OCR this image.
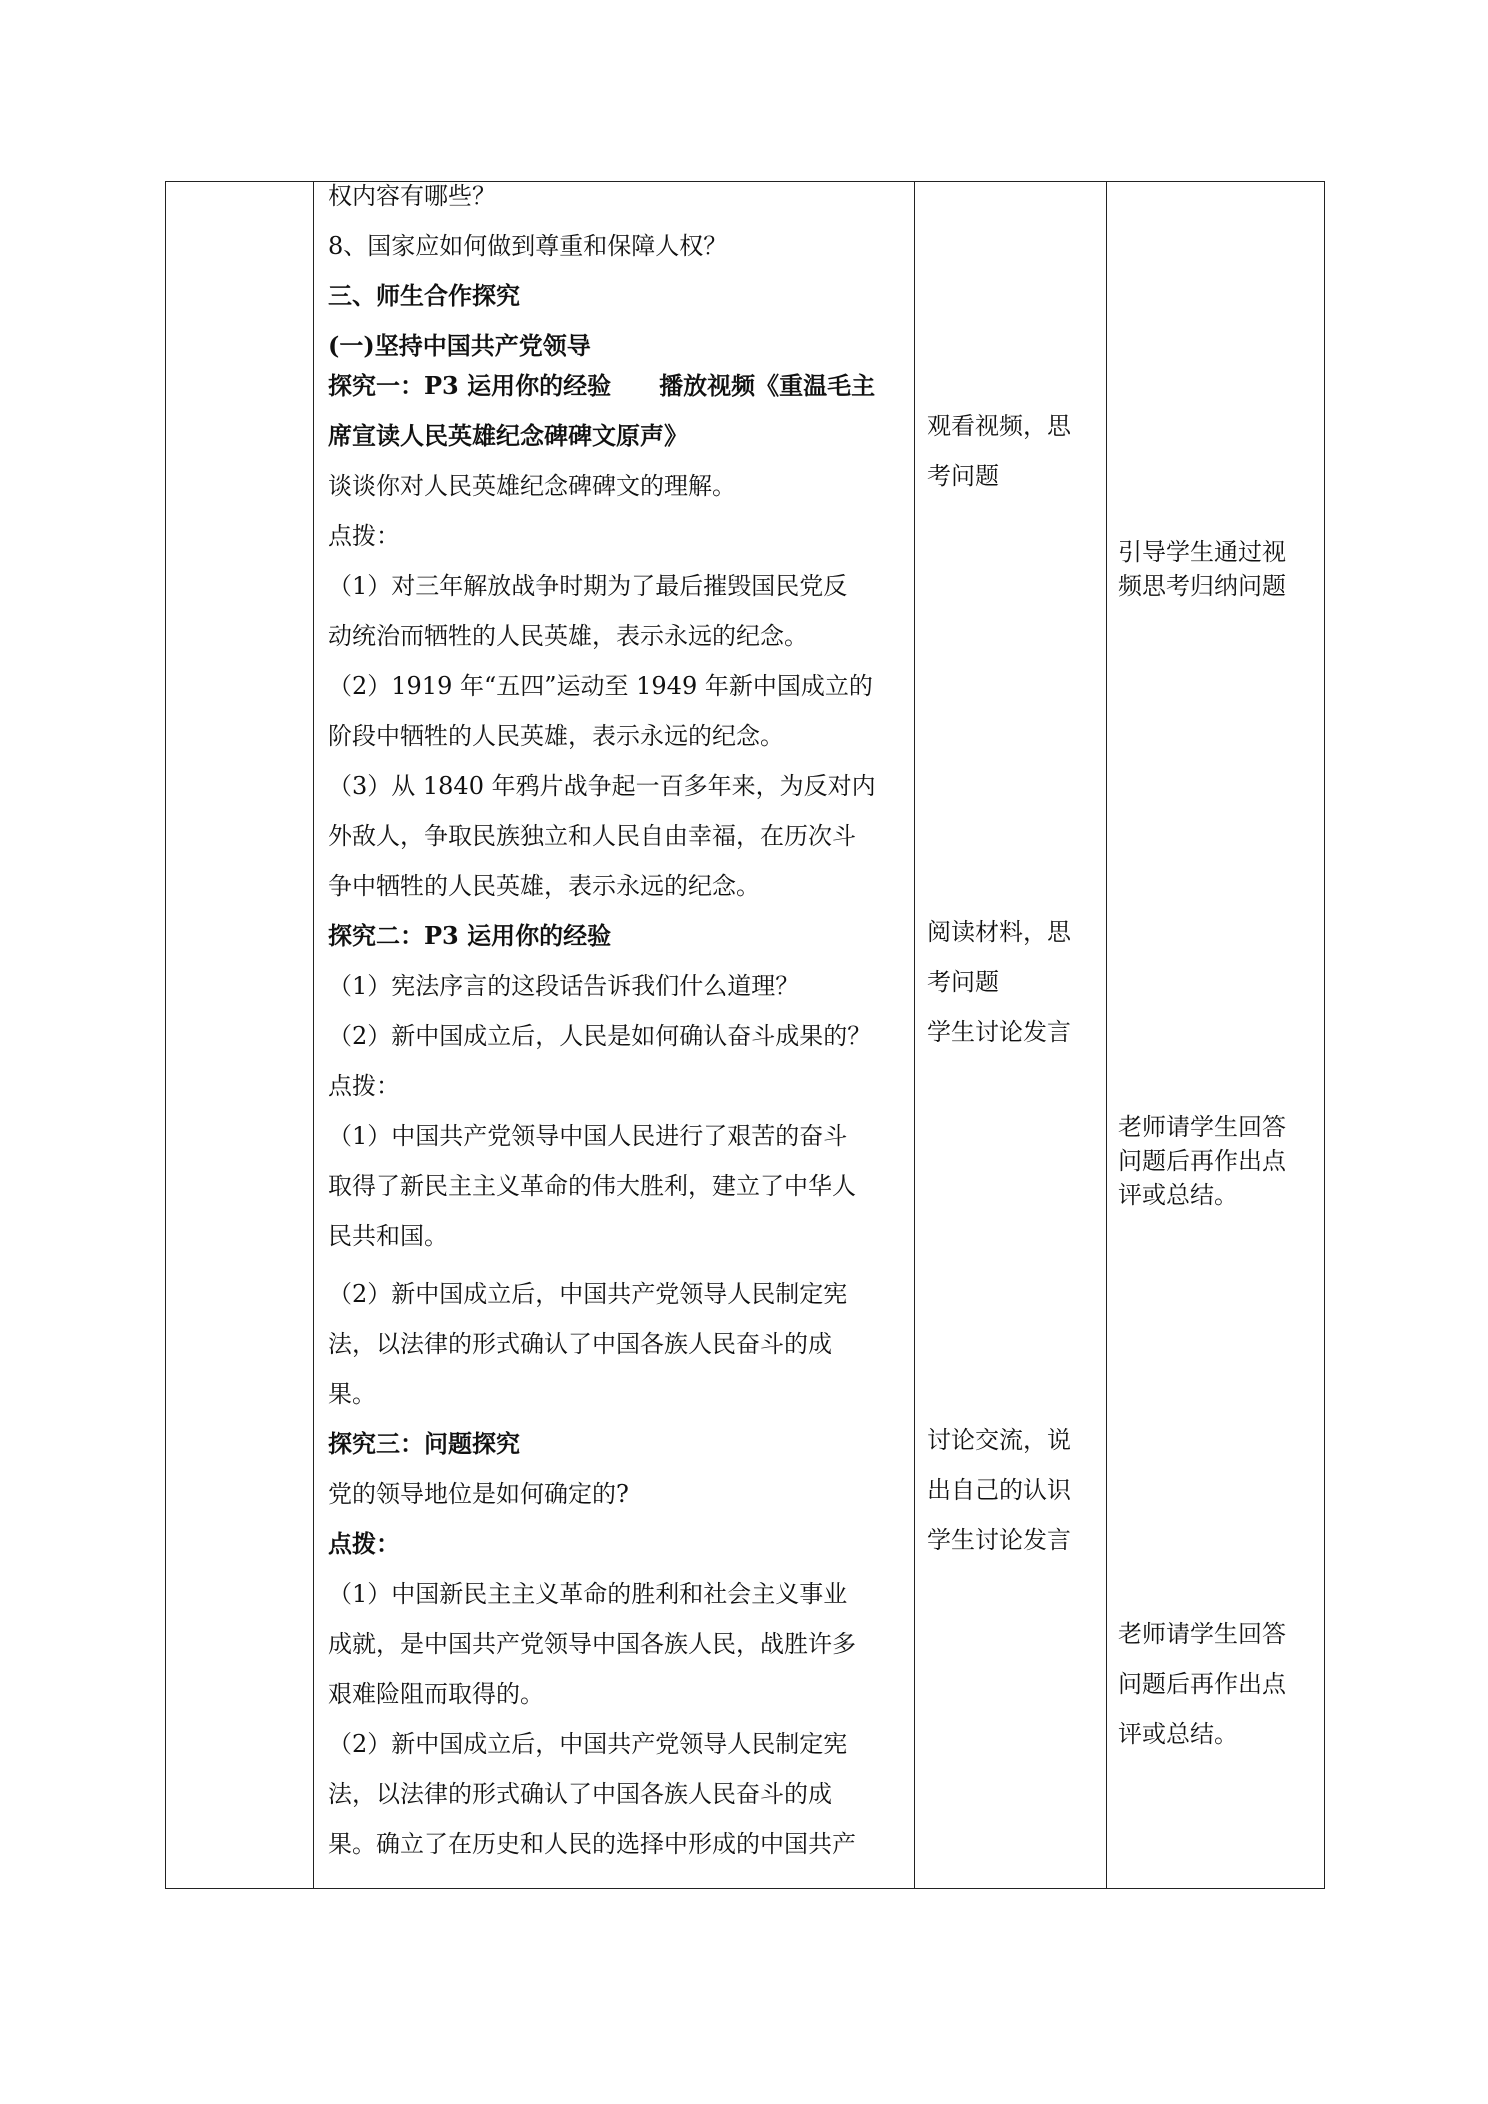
权内容有哪些？
8、国家应如何做到尊重和保障人权？
三、师生合作探究
(一)坚持中国共产党领导
探究一：P3 运用你的经验　　播放视频《重温毛主
席宣读人民英雄纪念碑碑文原声》
谈谈你对人民英雄纪念碑碑文的理解。
点拨：
（1）对三年解放战争时期为了最后摧毁国民党反
动统治而牺牲的人民英雄，表示永远的纪念。
（2）1919 年“五四”运动至 1949 年新中国成立的
阶段中牺牲的人民英雄，表示永远的纪念。
（3）从 1840 年鸦片战争起一百多年来，为反对内
外敌人，争取民族独立和人民自由幸福，在历次斗
争中牺牲的人民英雄，表示永远的纪念。
探究二：P3 运用你的经验
（1）宪法序言的这段话告诉我们什么道理？
（2）新中国成立后，人民是如何确认奋斗成果的？
点拨：
（1）中国共产党领导中国人民进行了艰苦的奋斗
取得了新民主主义革命的伟大胜利，建立了中华人
民共和国。
（2）新中国成立后，中国共产党领导人民制定宪
法，以法律的形式确认了中国各族人民奋斗的成
果。
探究三：问题探究
党的领导地位是如何确定的?
点拨：
（1）中国新民主主义革命的胜利和社会主义事业
成就，是中国共产党领导中国各族人民，战胜许多
艰难险阻而取得的。
（2）新中国成立后，中国共产党领导人民制定宪
法，以法律的形式确认了中国各族人民奋斗的成
果。确立了在历史和人民的选择中形成的中国共产
观看视频，思
考问题
阅读材料，思
考问题
学生讨论发言
讨论交流，说
出自己的认识
学生讨论发言
引导学生通过视
频思考归纳问题
老师请学生回答
问题后再作出点
评或总结。
老师请学生回答
问题后再作出点
评或总结。
